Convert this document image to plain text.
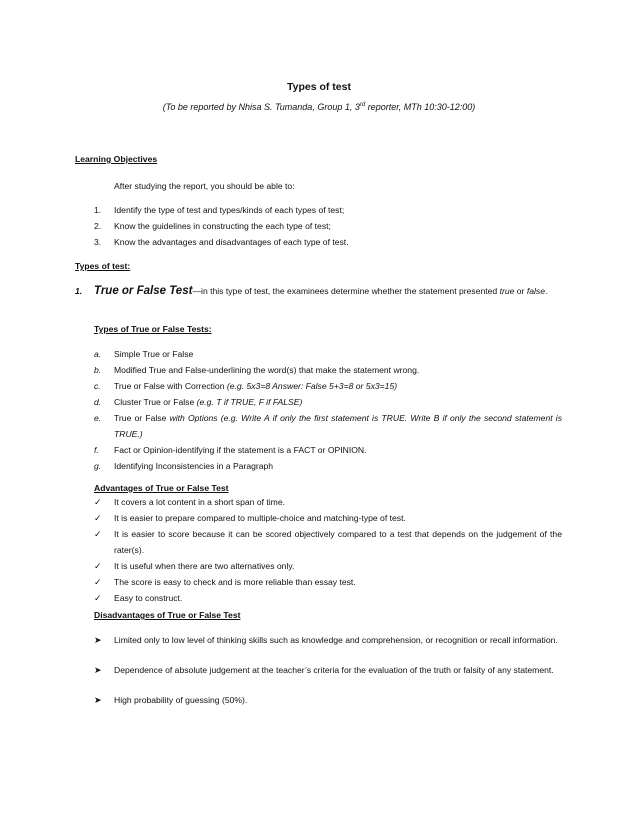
Types of test
(To be reported by Nhisa S. Tumanda, Group 1, 3rd reporter, MTh 10:30-12:00)
Learning Objectives
After studying the report, you should be able to:
1. Identify the type of test and types/kinds of each types of test;
2. Know the guidelines in constructing the each type of test;
3. Know the advantages and disadvantages of each type of test.
Types of test:
1. True or False Test—in this type of test, the examinees determine whether the statement presented true or false.
Types of True or False Tests:
a. Simple True or False
b. Modified True and False-underlining the word(s) that make the statement wrong.
c. True or False with Correction (e.g. 5x3=8 Answer: False 5+3=8 or 5x3=15)
d. Cluster True or False (e.g. T if TRUE, F if FALSE)
e. True or False with Options (e.g. Write A if only the first statement is TRUE. Write B if only the second statement is TRUE.)
f. Fact or Opinion-identifying if the statement is a FACT or OPINION.
g. Identifying Inconsistencies in a Paragraph
Advantages of True or False Test
✓ It covers a lot content in a short span of time.
✓ It is easier to prepare compared to multiple-choice and matching-type of test.
✓ It is easier to score because it can be scored objectively compared to a test that depends on the judgement of the rater(s).
✓ It is useful when there are two alternatives only.
✓ The score is easy to check and is more reliable than essay test.
✓ Easy to construct.
Disadvantages of True or False Test
➤ Limited only to low level of thinking skills such as knowledge and comprehension, or recognition or recall information.
➤ Dependence of absolute judgement at the teacher’s criteria for the evaluation of the truth or falsity of any statement.
➤ High probability of guessing (50%).
